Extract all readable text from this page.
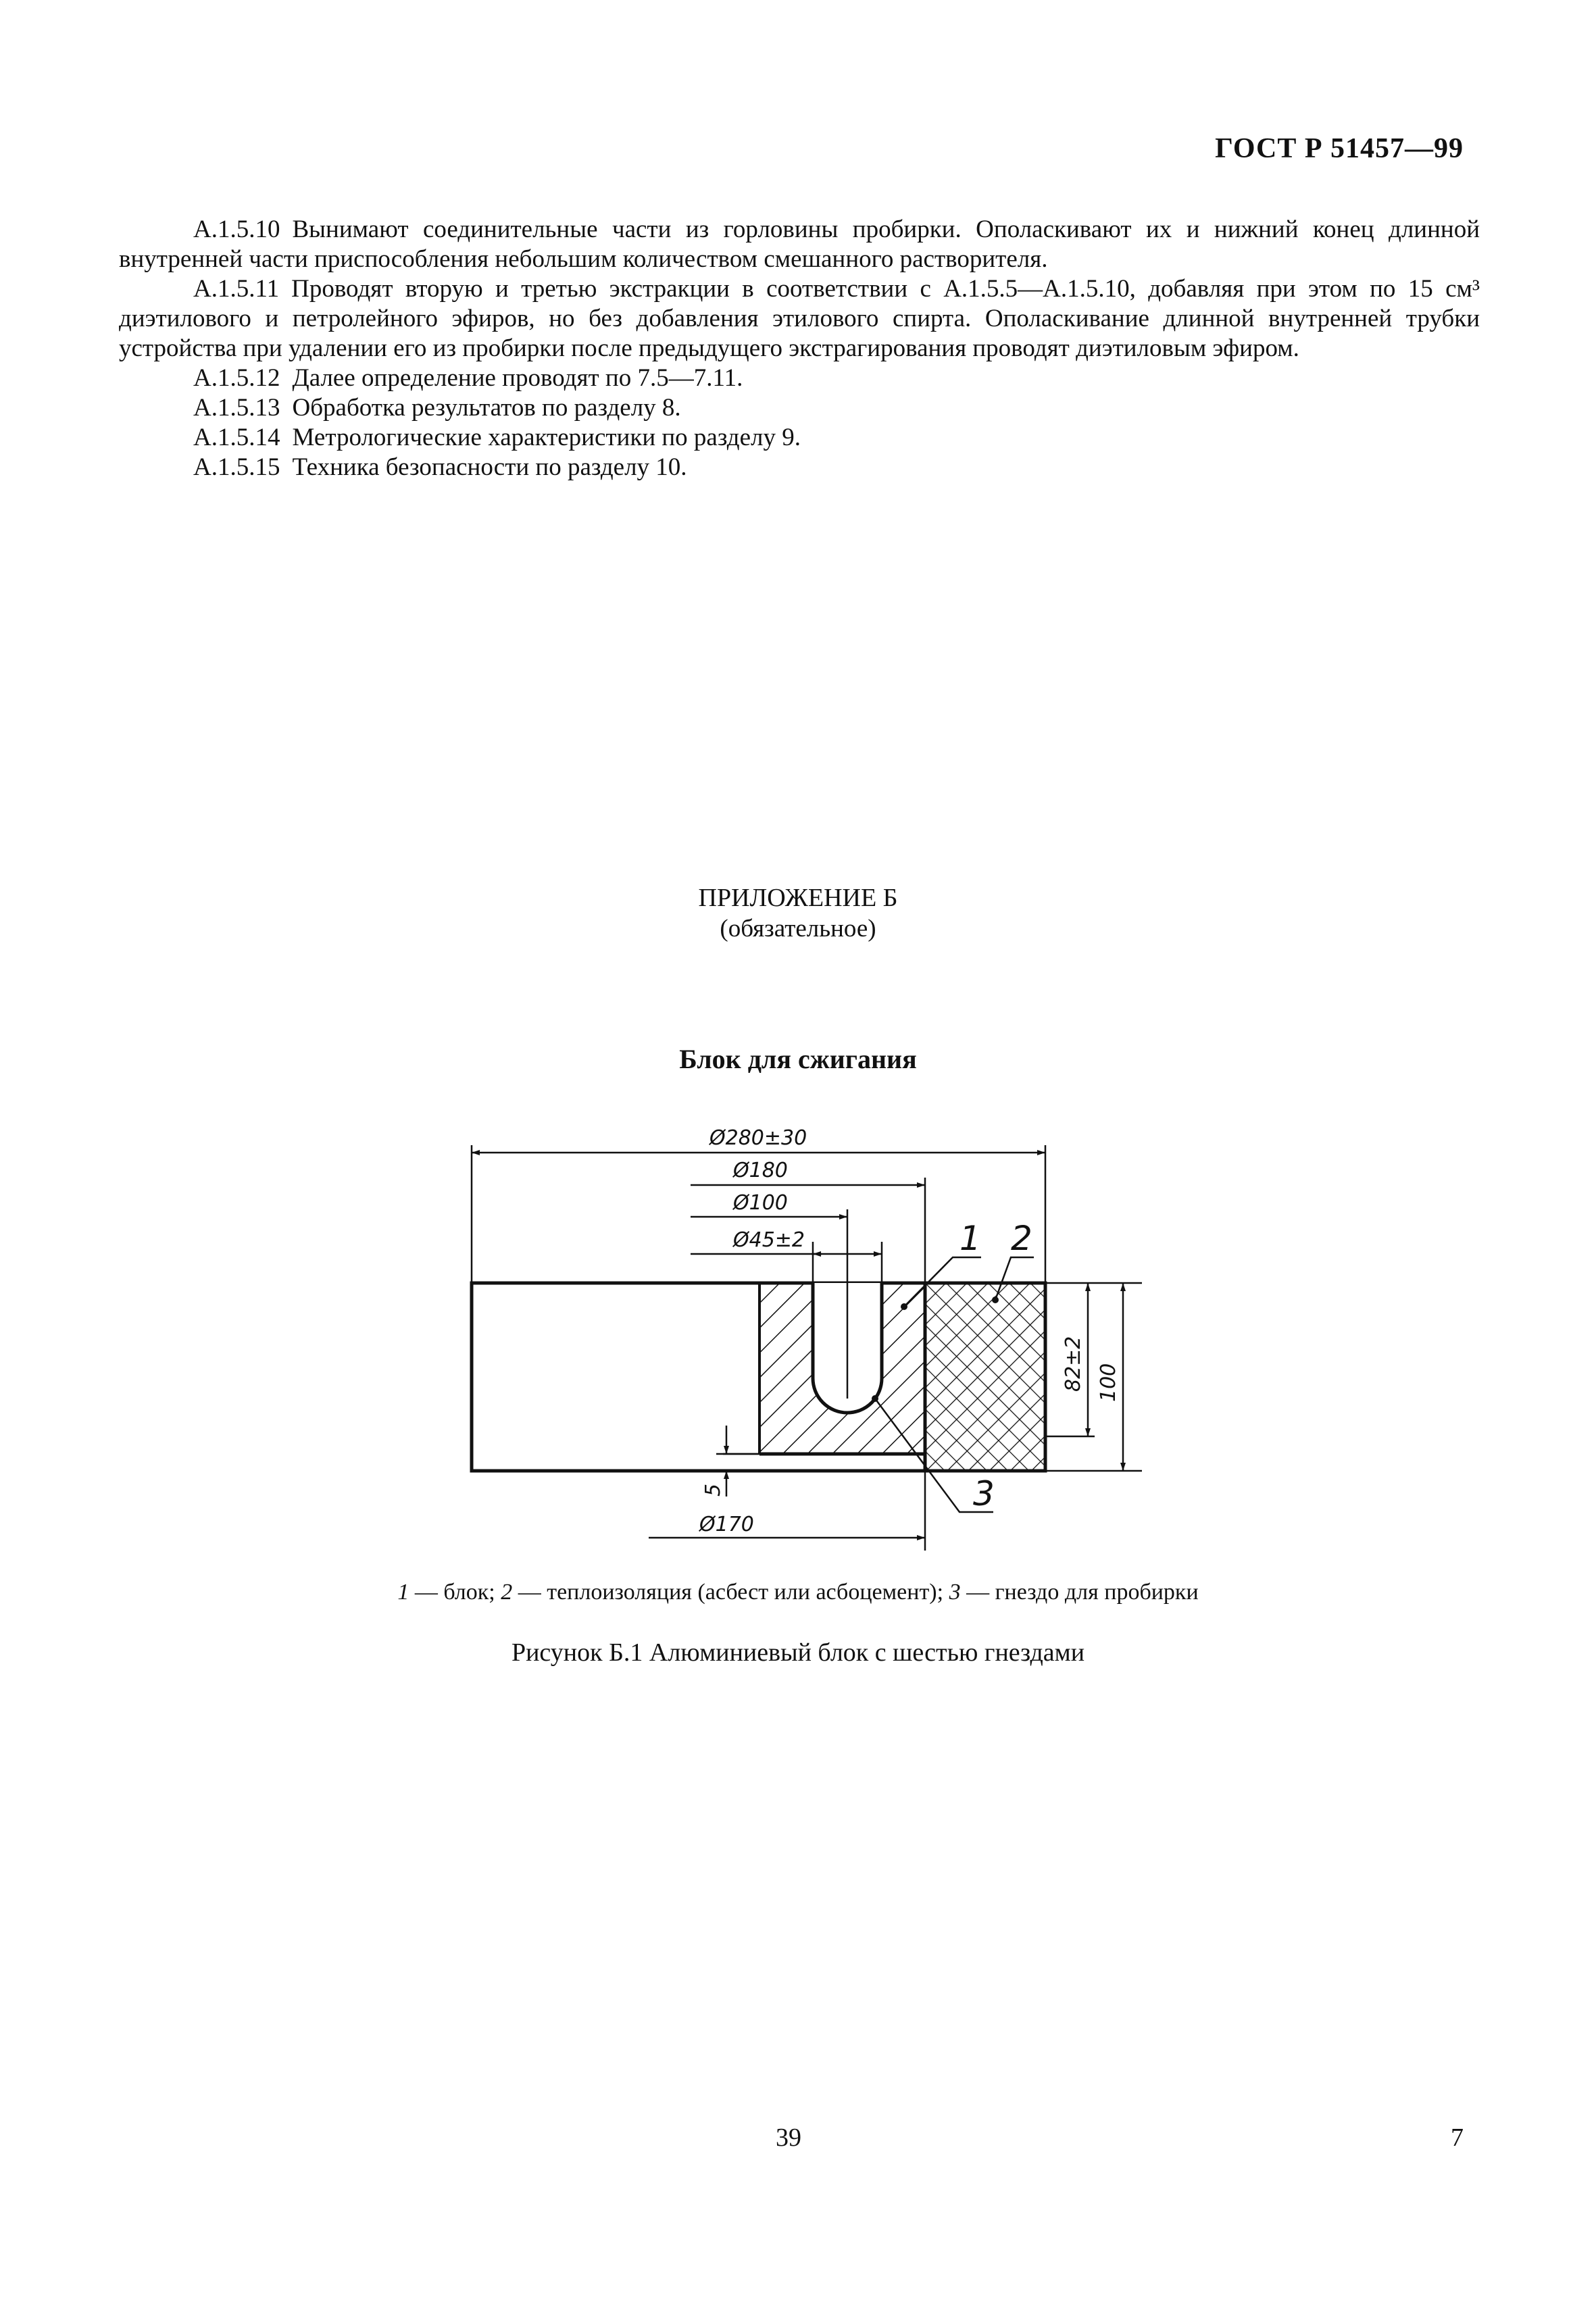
ГОСТ Р 51457—99

А.1.5.10 Вынимают соединительные части из горловины пробирки. Ополаскивают их и нижний конец длинной внутренней части приспособления небольшим количеством смешанного растворителя.

А.1.5.11 Проводят вторую и третью экстракции в соответствии с А.1.5.5—А.1.5.10, добавляя при этом по 15 см³ диэтилового и петролейного эфиров, но без добавления этилового спирта. Ополаскивание длинной внутренней трубки устройства при удалении его из пробирки после предыдущего экстрагирования проводят диэтиловым эфиром.

А.1.5.12 Далее определение проводят по 7.5—7.11.

А.1.5.13 Обработка результатов по разделу 8.

А.1.5.14 Метрологические характеристики по разделу 9.

А.1.5.15 Техника безопасности по разделу 10.

ПРИЛОЖЕНИЕ Б
(обязательное)
Блок для сжигания
Ø280±30
Ø180
Ø100
Ø45±2
Ø170
82±2 100
5
1 2
3
1 — блок; 2 — теплоизоляция (асбест или асбоцемент); 3 — гнездо для пробирки
Рисунок Б.1 Алюминиевый блок с шестью гнездами
39	7
